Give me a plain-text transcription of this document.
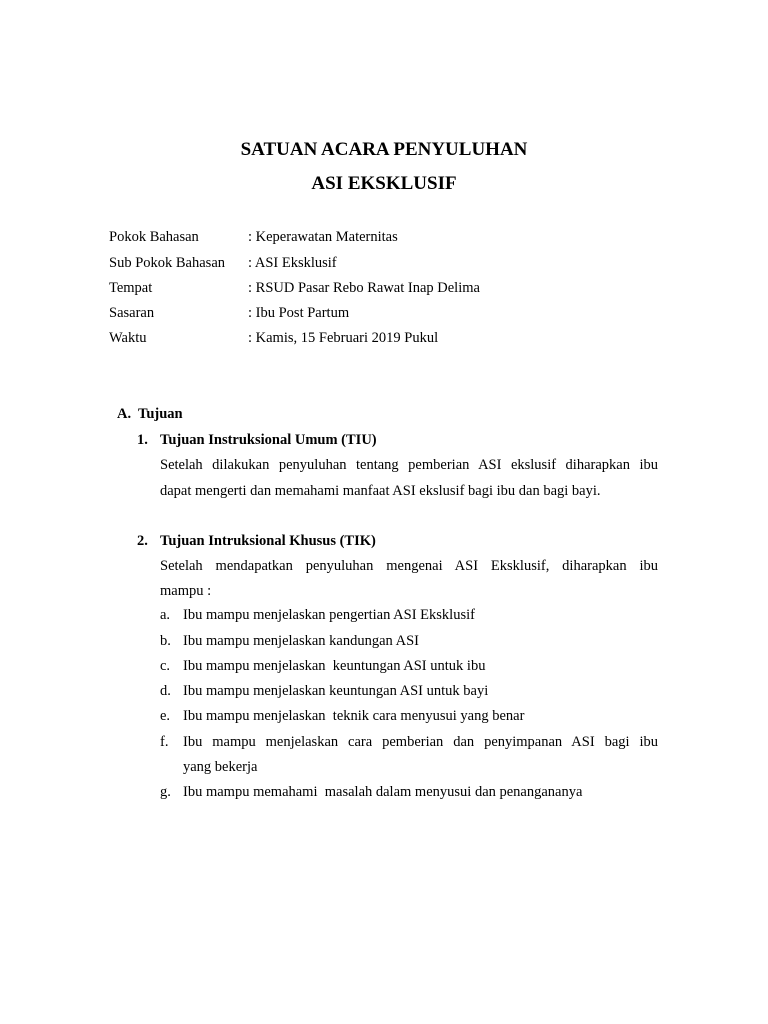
SATUAN ACARA PENYULUHAN
ASI EKSKLUSIF
Pokok Bahasan	: Keperawatan Maternitas
Sub Pokok Bahasan : ASI Eksklusif
Tempat	: RSUD Pasar Rebo Rawat Inap Delima
Sasaran	: Ibu Post Partum
Waktu	: Kamis, 15 Februari 2019 Pukul
A. Tujuan
1. Tujuan Instruksional Umum (TIU)
Setelah dilakukan penyuluhan tentang pemberian ASI ekslusif diharapkan ibu
dapat mengerti dan memahami manfaat ASI ekslusif bagi ibu dan bagi bayi.
2. Tujuan Intruksional Khusus (TIK)
Setelah mendapatkan penyuluhan mengenai ASI Eksklusif, diharapkan ibu
mampu :
a. Ibu mampu menjelaskan pengertian ASI Eksklusif
b. Ibu mampu menjelaskan kandungan ASI
c. Ibu mampu menjelaskan  keuntungan ASI untuk ibu
d. Ibu mampu menjelaskan keuntungan ASI untuk bayi
e. Ibu mampu menjelaskan  teknik cara menyusui yang benar
f. Ibu mampu menjelaskan cara pemberian dan penyimpanan ASI bagi ibu
yang bekerja
g. Ibu mampu memahami  masalah dalam menyusui dan penangananya
